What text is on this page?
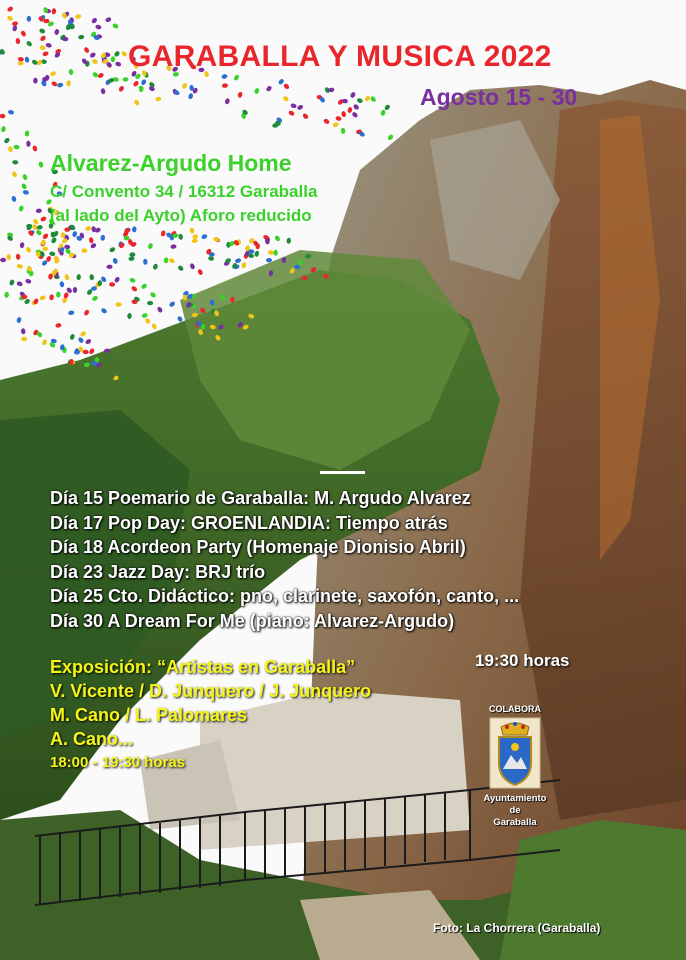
GARABALLA Y MUSICA 2022
Agosto 15 - 30
Alvarez-Argudo Home
C/ Convento 34 / 16312 Garaballa
(al lado del Ayto) Aforo reducido
Día 15 Poemario de Garaballa: M. Argudo Alvarez
Día 17 Pop Day: GROENLANDIA: Tiempo atrás
Día 18 Acordeon Party (Homenaje Dionisio Abril)
Día 23 Jazz Day: BRJ trío
Día 25 Cto. Didáctico: pno, clarinete, saxofón, canto, ...
Día 30 A Dream For Me (piano: Alvarez-Argudo)
19:30 horas
Exposición: “Artistas en Garaballa”
V. Vicente / D. Junquero / J. Junquero
M. Cano / L. Palomares
A. Cano...
18:00 - 19:30 horas
COLABORA
Ayuntamiento
de
Garaballa
Foto: La Chorrera (Garaballa)
